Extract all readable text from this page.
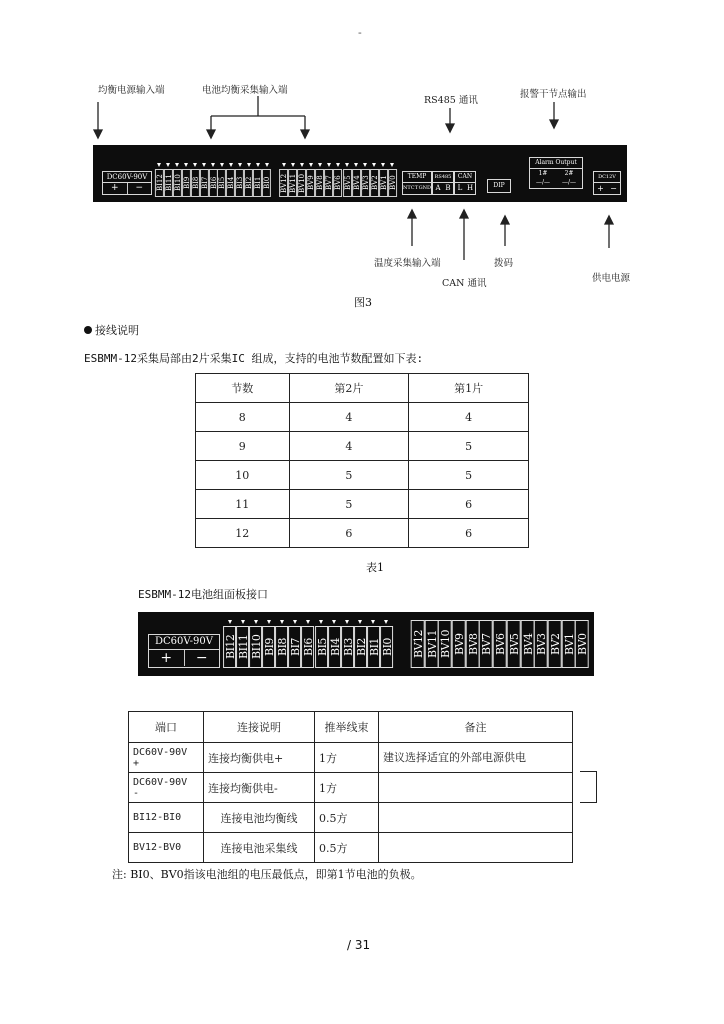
-
均衡电源输入端	电池均衡采集输入端
RS485 通讯
报警干节点输出
DC60V-90V
+	−	BI12 BI11 BI10 BI9 BI8 BI7 BI6 BI5 BI4 BI3 BI2 BI1 BI0 BV12 BV11 BV10 BV9 BV8 BV7 BV6 BV5 BV4 BV3 BV2 BV1 BV0	TEMP
NTC T GND
RS485
A B
CAN
L H	DIP
Alarm Output
1#	2#
—/—	—/—
DC12V
+ −
温度采集输入端
CAN 通讯
拨码
供电电源
图3
接线说明
ESBMM-12采集局部由2片采集IC 组成，支持的电池节数配置如下表:
节数	第2片	第1片
8	4	4
9	4	5
10	5	5
11	5	6
12	6	6
表1
ESBMM-12电池组面板接口
DC60V-90V
+	−	BI12 BI11 BI10 BI9 BI8 BI7 BI6 BI5 BI4 BI3 BI2 BI1 BI0 BV12 BV11 BV10 BV9 BV8 BV7 BV6 BV5 BV4 BV3 BV2 BV1 BV0
端口	连接说明	推举线束	备注
DC60V-90V +	连接均衡供电+	1方	建议选择适宜的外部电源供电
DC60V-90V -	连接均衡供电-	1方	
BI12-BI0	连接电池均衡线	0.5方	
BV12-BV0	连接电池采集线	0.5方	
注: BI0、BV0指该电池组的电压最低点，即第1节电池的负极。
/ 31
